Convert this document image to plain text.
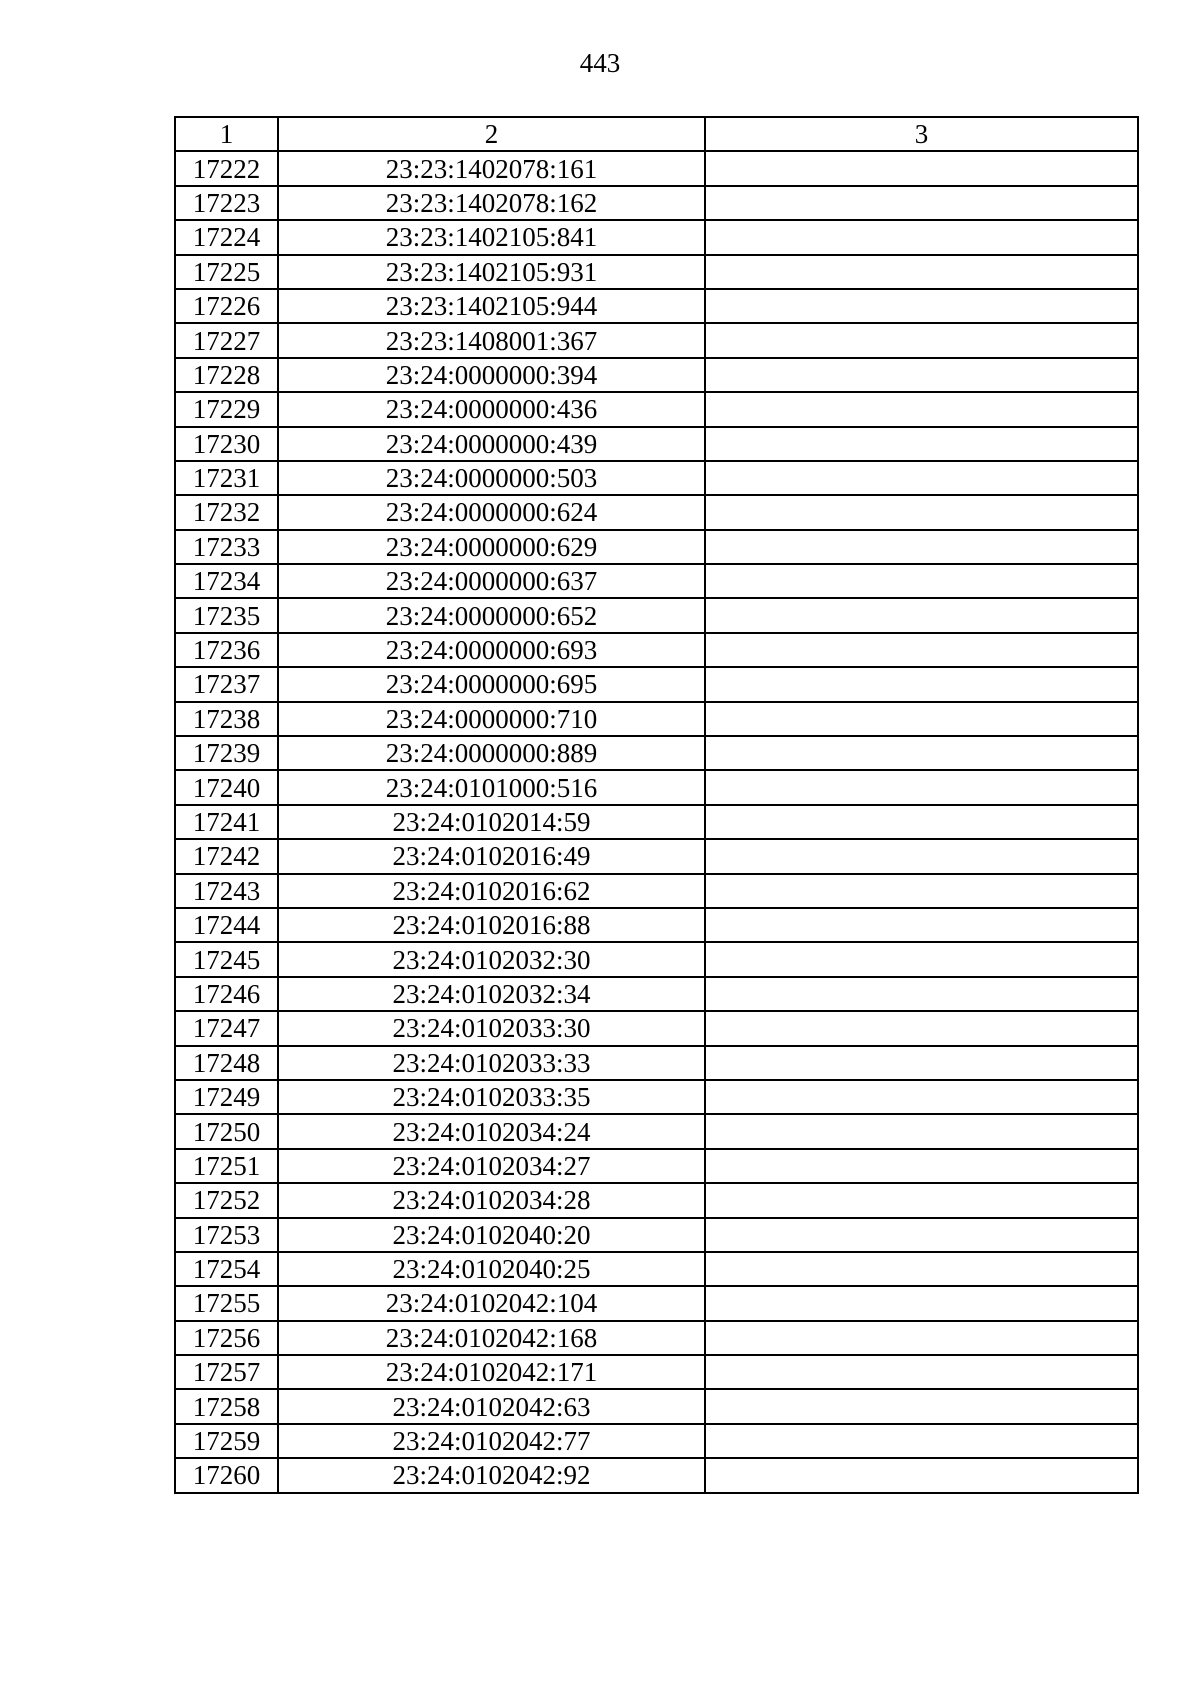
443
1	2	3
17222	23:23:1402078:161	
17223	23:23:1402078:162	
17224	23:23:1402105:841	
17225	23:23:1402105:931	
17226	23:23:1402105:944	
17227	23:23:1408001:367	
17228	23:24:0000000:394	
17229	23:24:0000000:436	
17230	23:24:0000000:439	
17231	23:24:0000000:503	
17232	23:24:0000000:624	
17233	23:24:0000000:629	
17234	23:24:0000000:637	
17235	23:24:0000000:652	
17236	23:24:0000000:693	
17237	23:24:0000000:695	
17238	23:24:0000000:710	
17239	23:24:0000000:889	
17240	23:24:0101000:516	
17241	23:24:0102014:59	
17242	23:24:0102016:49	
17243	23:24:0102016:62	
17244	23:24:0102016:88	
17245	23:24:0102032:30	
17246	23:24:0102032:34	
17247	23:24:0102033:30	
17248	23:24:0102033:33	
17249	23:24:0102033:35	
17250	23:24:0102034:24	
17251	23:24:0102034:27	
17252	23:24:0102034:28	
17253	23:24:0102040:20	
17254	23:24:0102040:25	
17255	23:24:0102042:104	
17256	23:24:0102042:168	
17257	23:24:0102042:171	
17258	23:24:0102042:63	
17259	23:24:0102042:77	
17260	23:24:0102042:92	
